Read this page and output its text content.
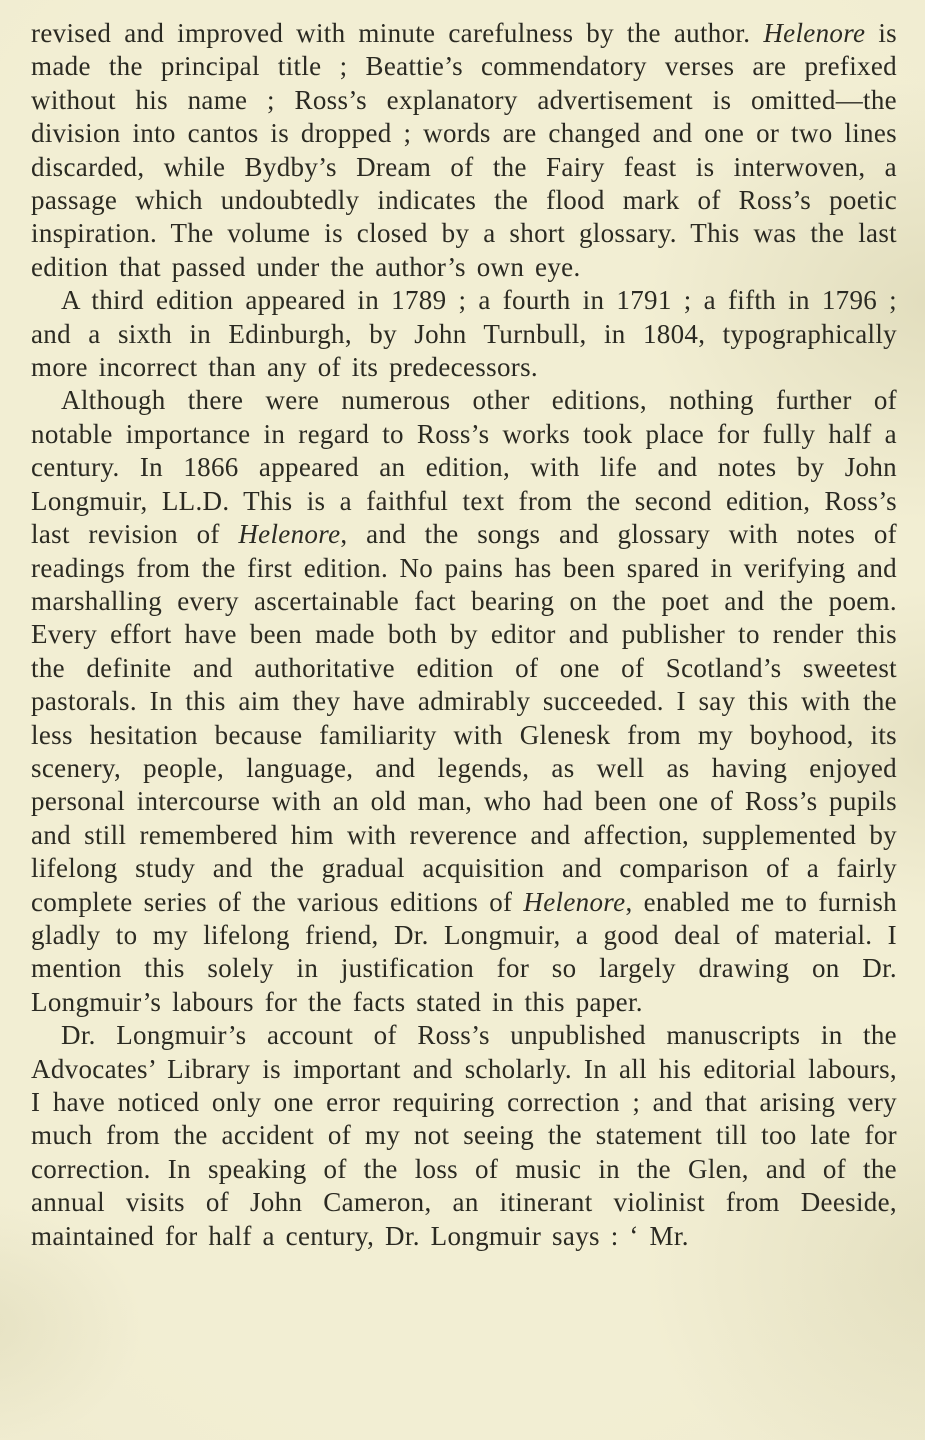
revised and improved with minute carefulness by the author. Helenore is made the principal title ; Beattie’s commendatory verses are prefixed without his name ; Ross’s explanatory advertisement is omitted—the division into cantos is dropped ; words are changed and one or two lines discarded, while Bydby’s Dream of the Fairy feast is interwoven, a passage which undoubtedly indicates the flood mark of Ross’s poetic inspiration. The volume is closed by a short glossary. This was the last edition that passed under the author’s own eye.

A third edition appeared in 1789 ; a fourth in 1791 ; a fifth in 1796 ; and a sixth in Edinburgh, by John Turnbull, in 1804, typographically more incorrect than any of its predecessors.

Although there were numerous other editions, nothing further of notable importance in regard to Ross’s works took place for fully half a century. In 1866 appeared an edition, with life and notes by John Longmuir, LL.D. This is a faithful text from the second edition, Ross’s last revision of Helenore, and the songs and glossary with notes of readings from the first edition. No pains has been spared in verifying and marshalling every ascertainable fact bearing on the poet and the poem. Every effort have been made both by editor and publisher to render this the definite and authoritative edition of one of Scotland’s sweetest pastorals. In this aim they have admirably succeeded. I say this with the less hesitation because familiarity with Glenesk from my boyhood, its scenery, people, language, and legends, as well as having enjoyed personal intercourse with an old man, who had been one of Ross’s pupils and still remembered him with reverence and affection, supplemented by lifelong study and the gradual acquisition and comparison of a fairly complete series of the various editions of Helenore, enabled me to furnish gladly to my lifelong friend, Dr. Longmuir, a good deal of material. I mention this solely in justification for so largely drawing on Dr. Longmuir’s labours for the facts stated in this paper.

Dr. Longmuir’s account of Ross’s unpublished manuscripts in the Advocates’ Library is important and scholarly. In all his editorial labours, I have noticed only one error requiring correction ; and that arising very much from the accident of my not seeing the statement till too late for correction. In speaking of the loss of music in the Glen, and of the annual visits of John Cameron, an itinerant violinist from Deeside, maintained for half a century, Dr. Longmuir says : ‘ Mr.
